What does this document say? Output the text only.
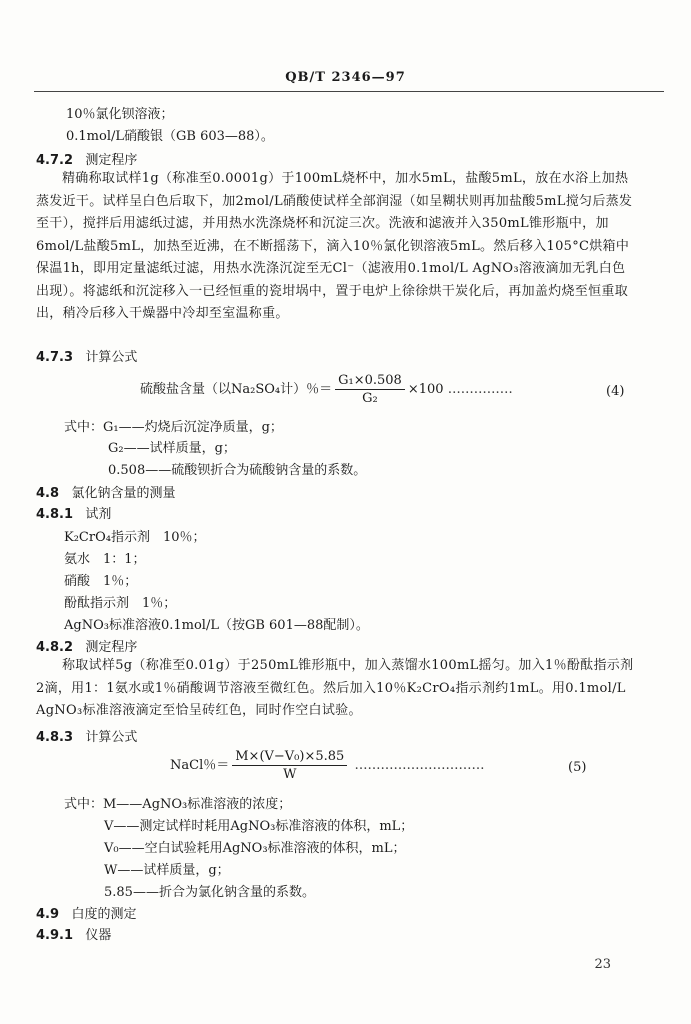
QB/T 2346—97
10％氯化钡溶液；
0.1mol/L硝酸银（GB 603—88）。
4.7.2 测定程序
精确称取试样1g（称准至0.0001g）于100mL烧杯中，加水5mL，盐酸5mL，放在水浴上加热蒸发近干。试样呈白色后取下，加2mol/L硝酸使试样全部润湿（如呈糊状则再加盐酸5mL搅匀后蒸发至干），搅拌后用滤纸过滤，并用热水洗涤烧杯和沉淀三次。洗液和滤液并入350mL锥形瓶中，加6mol/L盐酸5mL，加热至近沸，在不断摇荡下，滴入10％氯化钡溶液5mL。然后移入105°C烘箱中保温1h，即用定量滤纸过滤，用热水洗涤沉淀至无Cl⁻（滤液用0.1mol/L AgNO₃溶液滴加无乳白色出现）。将滤纸和沉淀移入一已经恒重的瓷坩埚中，置于电炉上徐徐烘干炭化后，再加盖灼烧至恒重取出，稍冷后移入干燥器中冷却至室温称重。
4.7.3 计算公式
硫酸盐含量（以Na₂SO₄计）％＝ $\frac{\text{G₁×0.508}}{\text{G₂}} \times 100$ ……………	(4)
式中：G₁——灼烧后沉淀净质量，g；
G₂——试样质量，g；
0.508——硫酸钡折合为硫酸钠含量的系数。
4.8 氯化钠含量的测量
4.8.1 试剂
K₂CrO₄指示剂　10％；
氨水　1：1；
硝酸　1％；
酚酞指示剂　1％；
AgNO₃标准溶液0.1mol/L（按GB 601—88配制）。
4.8.2 测定程序
称取试样5g（称准至0.01g）于250mL锥形瓶中，加入蒸馏水100mL摇匀。加入1％酚酞指示剂2滴，用1：1氨水或1％硝酸调节溶液至微红色。然后加入10％K₂CrO₄指示剂约1mL。用0.1mol/L AgNO₃标准溶液滴定至恰呈砖红色，同时作空白试验。
4.8.3 计算公式
NaCl％＝ $\frac{\text{M×(V−V₀)×5.85}}{W}$ …………………………	(5)
式中：M——AgNO₃标准溶液的浓度；
V——测定试样时耗用AgNO₃标准溶液的体积，mL；
V₀——空白试验耗用AgNO₃标准溶液的体积，mL；
W——试样质量，g；
5.85——折合为氯化钠含量的系数。
4.9 白度的测定
4.9.1 仪器
23
